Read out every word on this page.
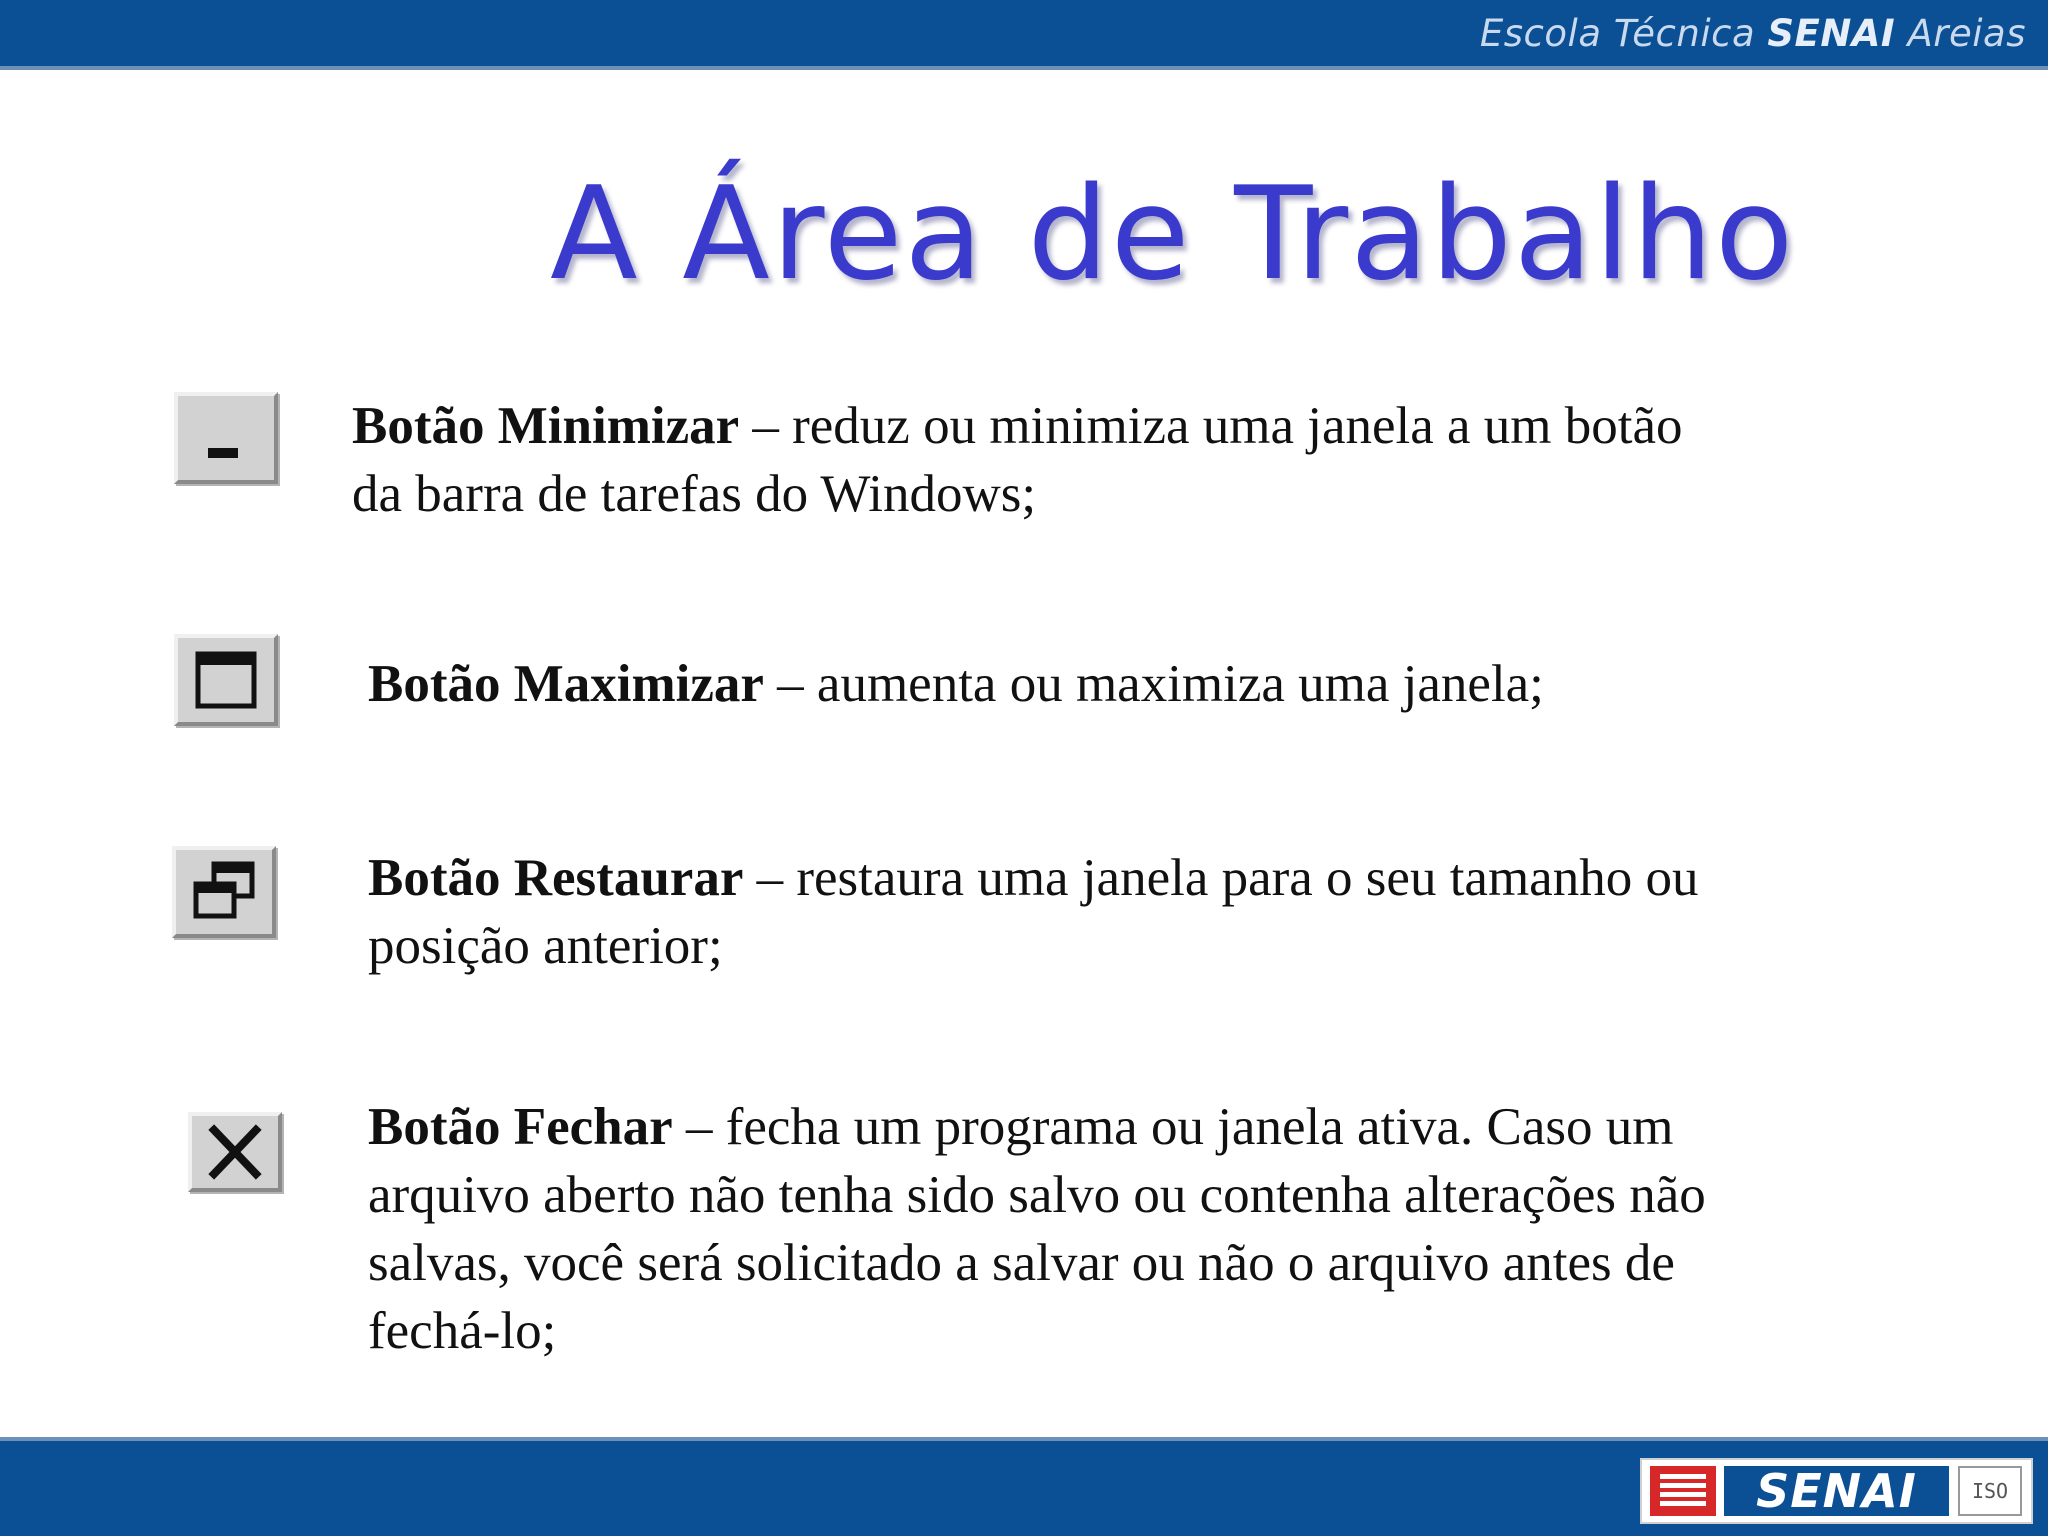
Escola Técnica SENAI Areias
A Área de Trabalho
Botão Minimizar – reduz ou minimiza uma janela a um botão da barra de tarefas do Windows;
Botão Maximizar – aumenta ou maximiza uma janela;
Botão Restaurar – restaura uma janela para o seu tamanho ou posição anterior;
Botão Fechar – fecha um programa ou janela ativa. Caso um arquivo aberto não tenha sido salvo ou contenha alterações não salvas, você será solicitado a salvar ou não o arquivo antes de fechá-lo;
SENAI	ISO
